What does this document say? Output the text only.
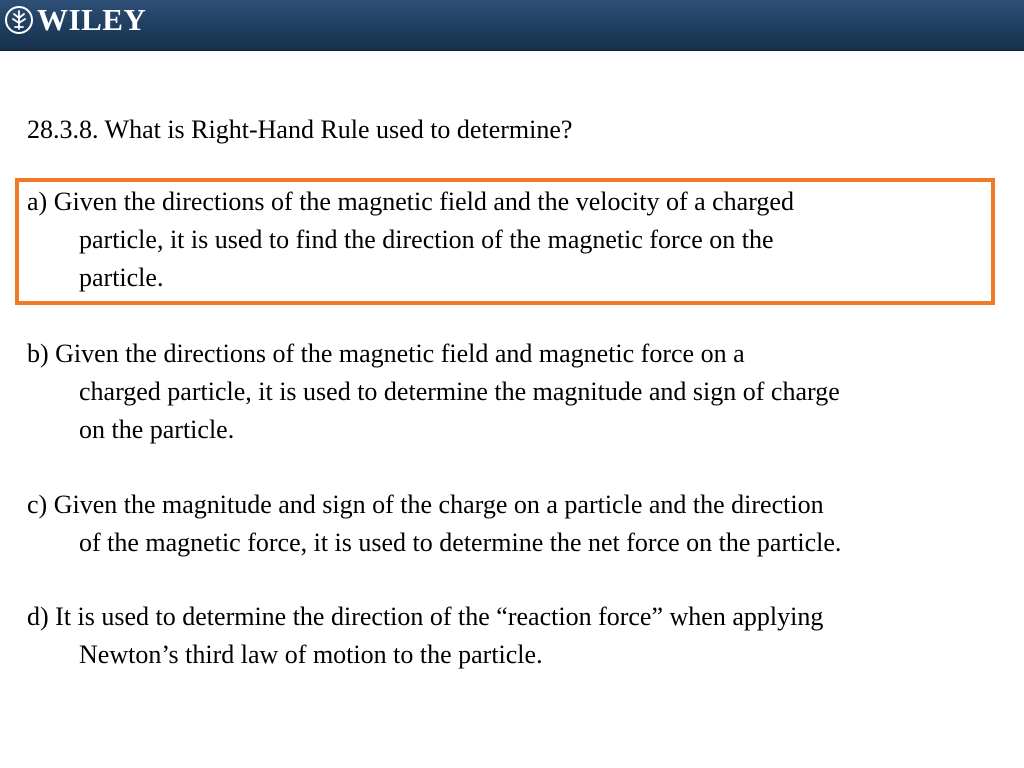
WILEY
28.3.8. What is Right-Hand Rule used to determine?
a) Given the directions of the magnetic field and the velocity of a charged
particle, it is used to find the direction of the magnetic force on the
particle.
b) Given the directions of the magnetic field and magnetic force on a
charged particle, it is used to determine the magnitude and sign of charge
on the particle.
c) Given the magnitude and sign of the charge on a particle and the direction
of the magnetic force, it is used to determine the net force on the particle.
d) It is used to determine the direction of the “reaction force” when applying
Newton’s third law of motion to the particle.
